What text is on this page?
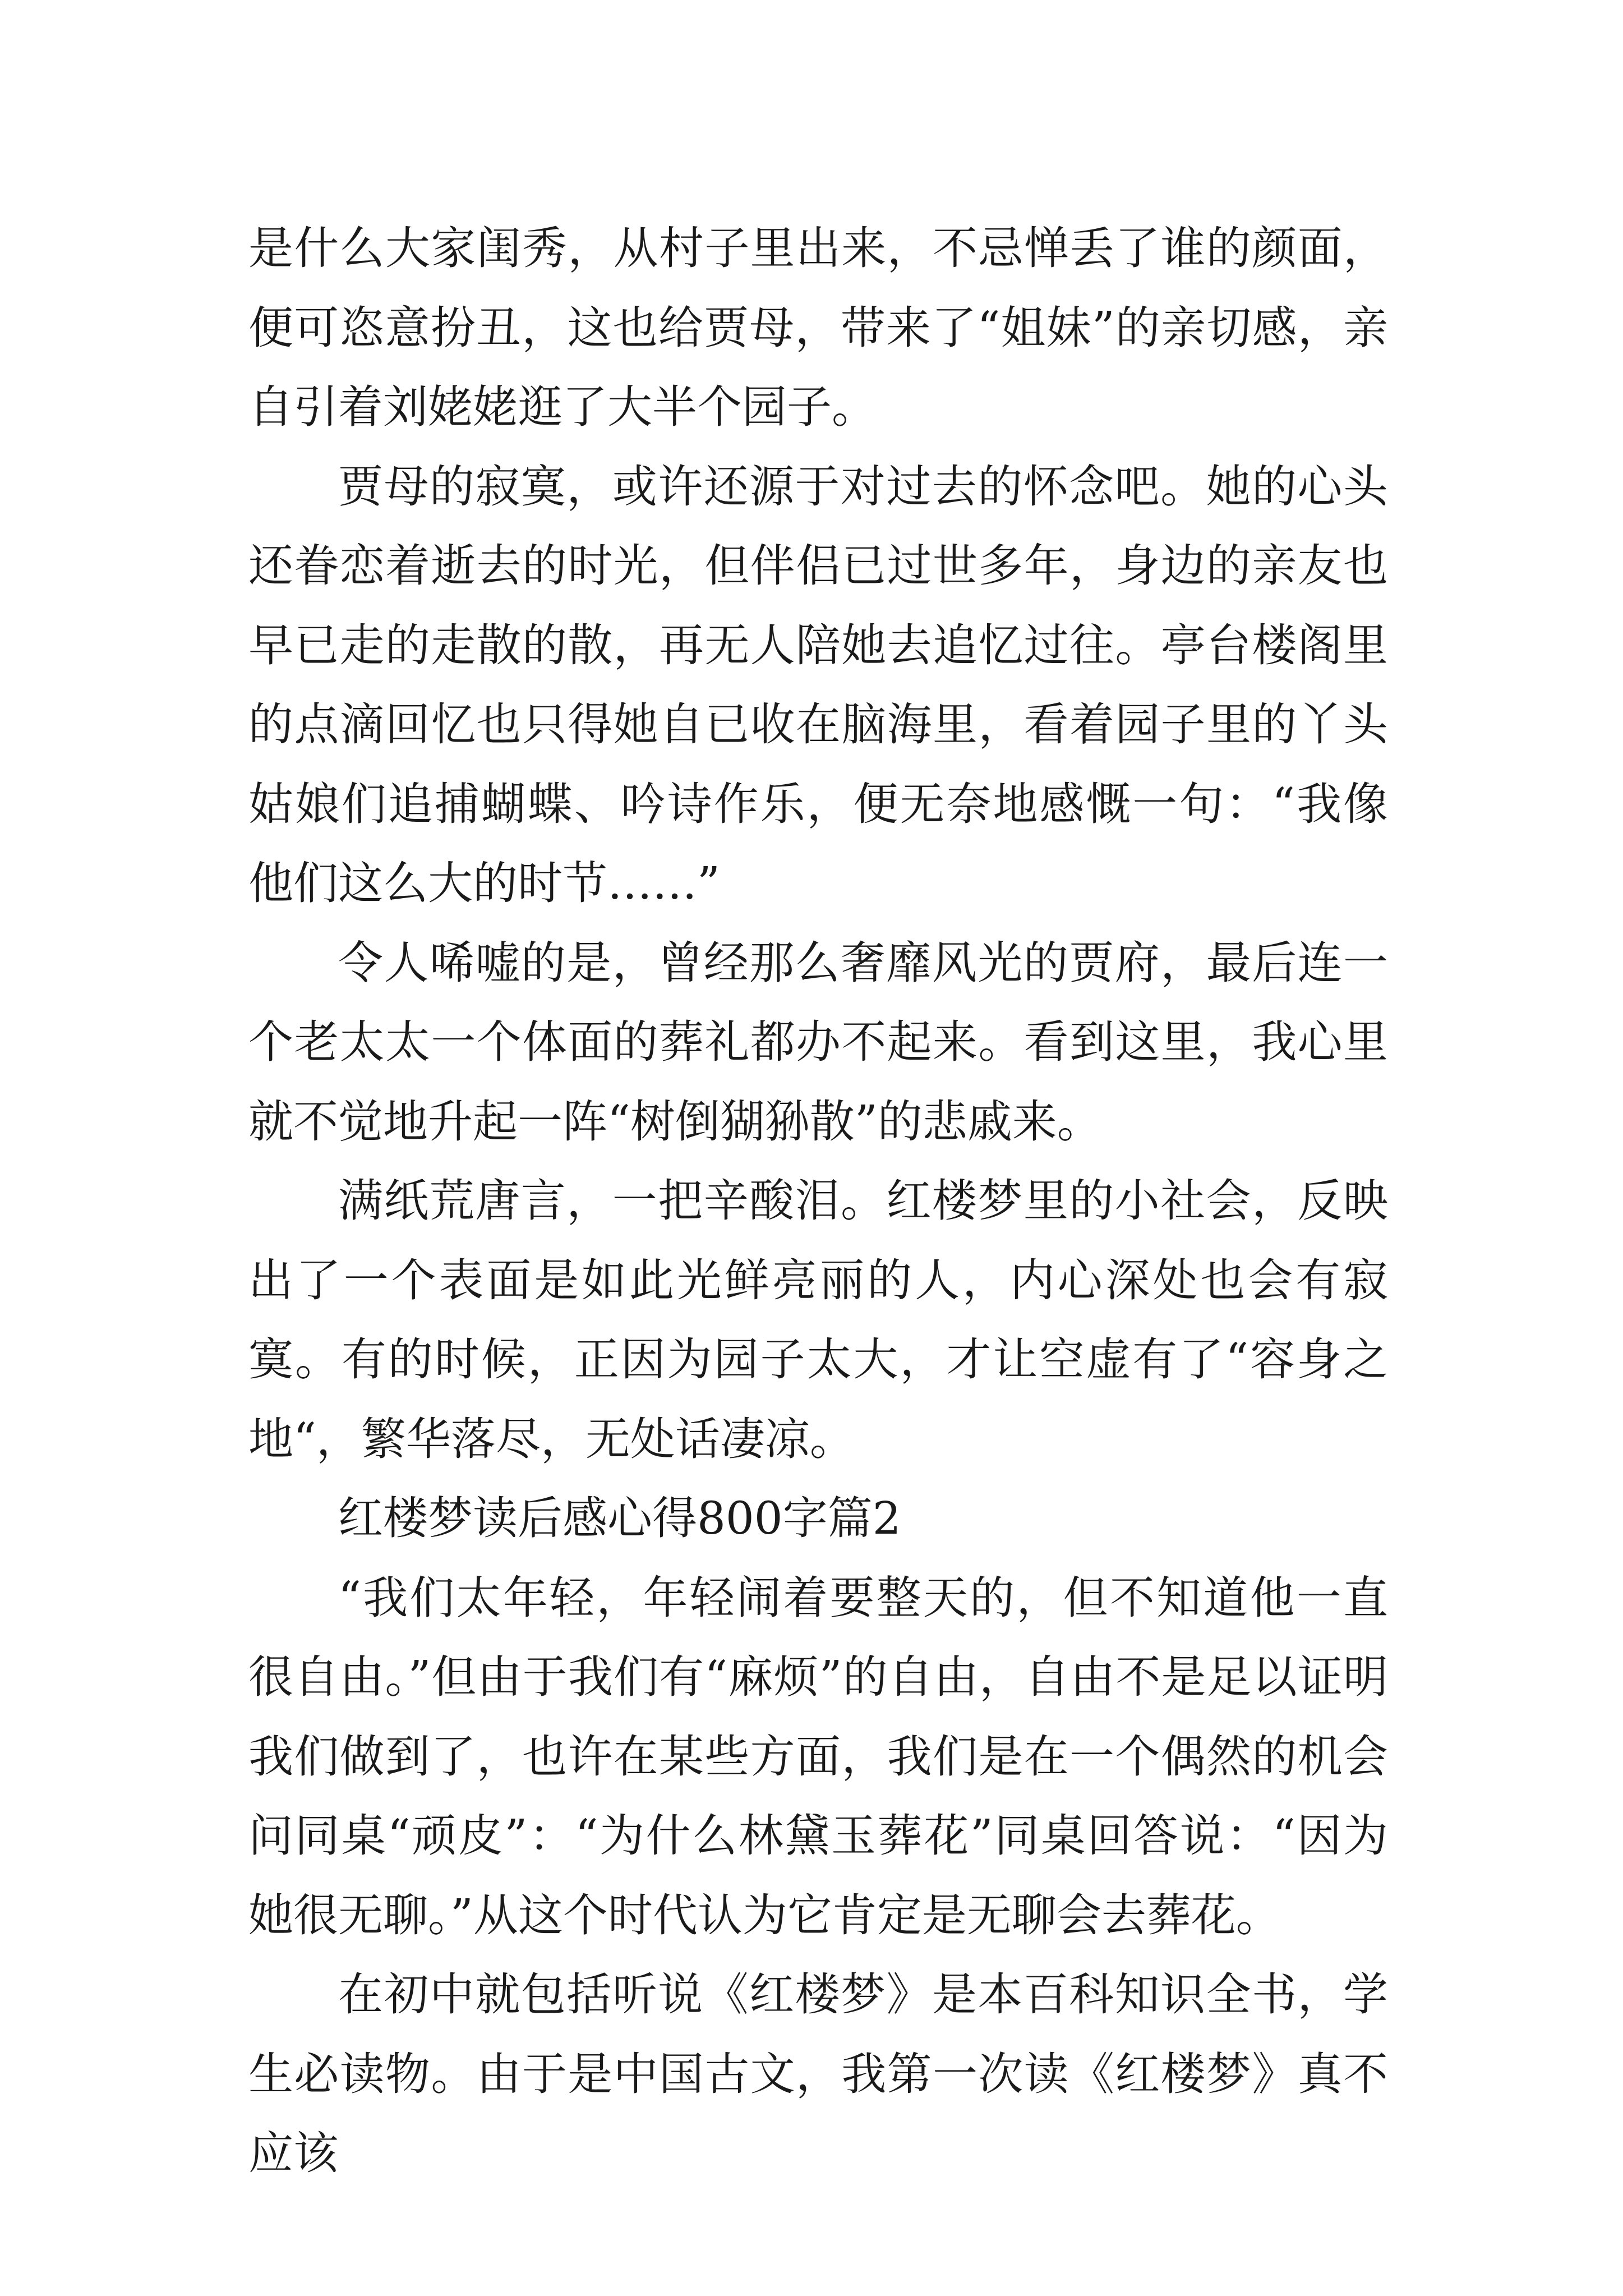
是什么大家闺秀，从村子里出来，不忌惮丢了谁的颜面，便可恣意扮丑，这也给贾母，带来了“姐妹”的亲切感，亲自引着刘姥姥逛了大半个园子。

贾母的寂寞，或许还源于对过去的怀念吧。她的心头还眷恋着逝去的时光，但伴侣已过世多年，身边的亲友也早已走的走散的散，再无人陪她去追忆过往。亭台楼阁里的点滴回忆也只得她自已收在脑海里，看着园子里的丫头姑娘们追捕蝴蝶、吟诗作乐，便无奈地感慨一句：“我像他们这么大的时节……”

令人唏嘘的是，曾经那么奢靡风光的贾府，最后连一个老太太一个体面的葬礼都办不起来。看到这里，我心里就不觉地升起一阵“树倒猢狲散”的悲戚来。

满纸荒唐言，一把辛酸泪。红楼梦里的小社会，反映出了一个表面是如此光鲜亮丽的人，内心深处也会有寂寞。有的时候，正因为园子太大，才让空虚有了“容身之地“，繁华落尽，无处话凄凉。

红楼梦读后感心得800字篇2

“我们太年轻，年轻闹着要整天的，但不知道他一直很自由。”但由于我们有“麻烦”的自由，自由不是足以证明我们做到了，也许在某些方面，我们是在一个偶然的机会问同桌“顽皮”：“为什么林黛玉葬花”同桌回答说：“因为她很无聊。”从这个时代认为它肯定是无聊会去葬花。

在初中就包括听说《红楼梦》是本百科知识全书，学生必读物。由于是中国古文，我第一次读《红楼梦》真不应该
